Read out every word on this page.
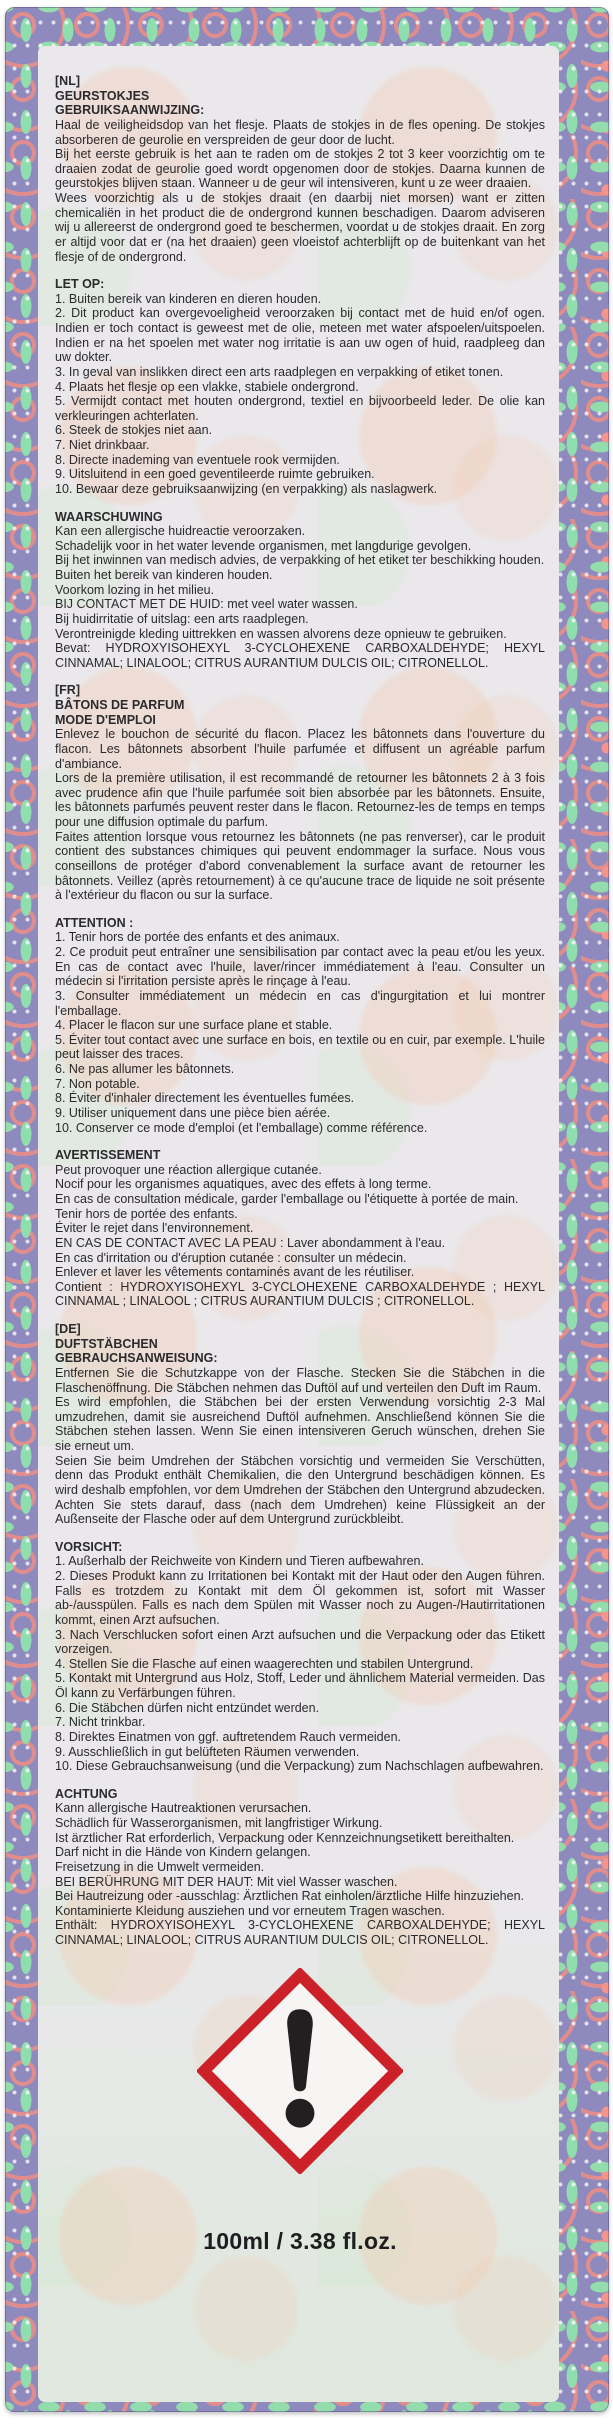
[NL]
GEURSTOKJES
GEBRUIKSAANWIJZING:
Haal de veiligheidsdop van het flesje. Plaats de stokjes in de fles opening. De stokjes absorberen de geurolie en verspreiden de geur door de lucht.
Bij het eerste gebruik is het aan te raden om de stokjes 2 tot 3 keer voorzichtig om te draaien zodat de geurolie goed wordt opgenomen door de stokjes. Daarna kunnen de geurstokjes blijven staan. Wanneer u de geur wil intensiveren, kunt u ze weer draaien.
Wees voorzichtig als u de stokjes draait (en daarbij niet morsen) want er zitten chemicaliën in het product die de ondergrond kunnen beschadigen. Daarom adviseren wij u allereerst de ondergrond goed te beschermen, voordat u de stokjes draait. En zorg er altijd voor dat er (na het draaien) geen vloeistof achterblijft op de buitenkant van het flesje of de ondergrond.
LET OP:
1. Buiten bereik van kinderen en dieren houden.
2. Dit product kan overgevoeligheid veroorzaken bij contact met de huid en/of ogen. Indien er toch contact is geweest met de olie, meteen met water afspoelen/uitspoelen. Indien er na het spoelen met water nog irritatie is aan uw ogen of huid, raadpleeg dan uw dokter.
3. In geval van inslikken direct een arts raadplegen en verpakking of etiket tonen.
4. Plaats het flesje op een vlakke, stabiele ondergrond.
5. Vermijdt contact met houten ondergrond, textiel en bijvoorbeeld leder. De olie kan verkleuringen achterlaten.
6. Steek de stokjes niet aan.
7. Niet drinkbaar.
8. Directe inademing van eventuele rook vermijden.
9. Uitsluitend in een goed geventileerde ruimte gebruiken.
10. Bewaar deze gebruiksaanwijzing (en verpakking) als naslagwerk.
WAARSCHUWING
Kan een allergische huidreactie veroorzaken.
Schadelijk voor in het water levende organismen, met langdurige gevolgen.
Bij het inwinnen van medisch advies, de verpakking of het etiket ter beschikking houden.
Buiten het bereik van kinderen houden.
Voorkom lozing in het milieu.
BIJ CONTACT MET DE HUID: met veel water wassen.
Bij huidirritatie of uitslag: een arts raadplegen.
Verontreinigde kleding uittrekken en wassen alvorens deze opnieuw te gebruiken.
Bevat: HYDROXYISOHEXYL 3-CYCLOHEXENE CARBOXALDEHYDE; HEXYL CINNAMAL; LINALOOL; CITRUS AURANTIUM DULCIS OIL; CITRONELLOL.
[FR]
BÂTONS DE PARFUM
MODE D'EMPLOI
Enlevez le bouchon de sécurité du flacon. Placez les bâtonnets dans l'ouverture du flacon. Les bâtonnets absorbent l'huile parfumée et diffusent un agréable parfum d'ambiance.
Lors de la première utilisation, il est recommandé de retourner les bâtonnets 2 à 3 fois avec prudence afin que l'huile parfumée soit bien absorbée par les bâtonnets. Ensuite, les bâtonnets parfumés peuvent rester dans le flacon. Retournez-les de temps en temps pour une diffusion optimale du parfum.
Faites attention lorsque vous retournez les bâtonnets (ne pas renverser), car le produit contient des substances chimiques qui peuvent endommager la surface. Nous vous conseillons de protéger d'abord convenablement la surface avant de retourner les bâtonnets. Veillez (après retournement) à ce qu'aucune trace de liquide ne soit présente à l'extérieur du flacon ou sur la surface.
ATTENTION :
1. Tenir hors de portée des enfants et des animaux.
2. Ce produit peut entraîner une sensibilisation par contact avec la peau et/ou les yeux. En cas de contact avec l'huile, laver/rincer immédiatement à l'eau. Consulter un médecin si l'irritation persiste après le rinçage à l'eau.
3. Consulter immédiatement un médecin en cas d'ingurgitation et lui montrer l'emballage.
4. Placer le flacon sur une surface plane et stable.
5. Éviter tout contact avec une surface en bois, en textile ou en cuir, par exemple. L'huile peut laisser des traces.
6. Ne pas allumer les bâtonnets.
7. Non potable.
8. Éviter d'inhaler directement les éventuelles fumées.
9. Utiliser uniquement dans une pièce bien aérée.
10. Conserver ce mode d'emploi (et l'emballage) comme référence.
AVERTISSEMENT
Peut provoquer une réaction allergique cutanée.
Nocif pour les organismes aquatiques, avec des effets à long terme.
En cas de consultation médicale, garder l'emballage ou l'étiquette à portée de main.
Tenir hors de portée des enfants.
Éviter le rejet dans l'environnement.
EN CAS DE CONTACT AVEC LA PEAU : Laver abondamment à l'eau.
En cas d'irritation ou d'éruption cutanée : consulter un médecin.
Enlever et laver les vêtements contaminés avant de les réutiliser.
Contient : HYDROXYISOHEXYL 3-CYCLOHEXENE CARBOXALDEHYDE ; HEXYL CINNAMAL ; LINALOOL ; CITRUS AURANTIUM DULCIS ; CITRONELLOL.
[DE]
DUFTSTÄBCHEN
GEBRAUCHSANWEISUNG:
Entfernen Sie die Schutzkappe von der Flasche. Stecken Sie die Stäbchen in die Flaschenöffnung. Die Stäbchen nehmen das Duftöl auf und verteilen den Duft im Raum.
Es wird empfohlen, die Stäbchen bei der ersten Verwendung vorsichtig 2-3 Mal umzudrehen, damit sie ausreichend Duftöl aufnehmen. Anschließend können Sie die Stäbchen stehen lassen. Wenn Sie einen intensiveren Geruch wünschen, drehen Sie sie erneut um.
Seien Sie beim Umdrehen der Stäbchen vorsichtig und vermeiden Sie Verschütten, denn das Produkt enthält Chemikalien, die den Untergrund beschädigen können. Es wird deshalb empfohlen, vor dem Umdrehen der Stäbchen den Untergrund abzudecken. Achten Sie stets darauf, dass (nach dem Umdrehen) keine Flüssigkeit an der Außenseite der Flasche oder auf dem Untergrund zurückbleibt.
VORSICHT:
1. Außerhalb der Reichweite von Kindern und Tieren aufbewahren.
2. Dieses Produkt kann zu Irritationen bei Kontakt mit der Haut oder den Augen führen. Falls es trotzdem zu Kontakt mit dem Öl gekommen ist, sofort mit Wasser ab-/ausspülen. Falls es nach dem Spülen mit Wasser noch zu Augen-/Hautirritationen kommt, einen Arzt aufsuchen.
3. Nach Verschlucken sofort einen Arzt aufsuchen und die Verpackung oder das Etikett vorzeigen.
4. Stellen Sie die Flasche auf einen waagerechten und stabilen Untergrund.
5. Kontakt mit Untergrund aus Holz, Stoff, Leder und ähnlichem Material vermeiden. Das Öl kann zu Verfärbungen führen.
6. Die Stäbchen dürfen nicht entzündet werden.
7. Nicht trinkbar.
8. Direktes Einatmen von ggf. auftretendem Rauch vermeiden.
9. Ausschließlich in gut belüfteten Räumen verwenden.
10. Diese Gebrauchsanweisung (und die Verpackung) zum Nachschlagen aufbewahren.
ACHTUNG
Kann allergische Hautreaktionen verursachen.
Schädlich für Wasserorganismen, mit langfristiger Wirkung.
Ist ärztlicher Rat erforderlich, Verpackung oder Kennzeichnungsetikett bereithalten.
Darf nicht in die Hände von Kindern gelangen.
Freisetzung in die Umwelt vermeiden.
BEI BERÜHRUNG MIT DER HAUT: Mit viel Wasser waschen.
Bei Hautreizung oder -ausschlag: Ärztlichen Rat einholen/ärztliche Hilfe hinzuziehen.
Kontaminierte Kleidung ausziehen und vor erneutem Tragen waschen.
Enthält: HYDROXYISOHEXYL 3-CYCLOHEXENE CARBOXALDEHYDE; HEXYL CINNAMAL; LINALOOL; CITRUS AURANTIUM DULCIS OIL; CITRONELLOL.
100ml / 3.38 fl.oz.
